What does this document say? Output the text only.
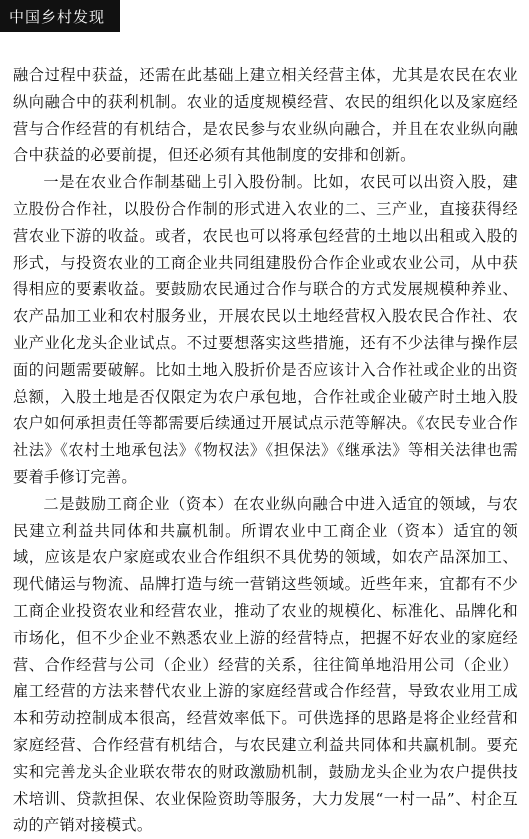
中国乡村发现

融合过程中获益，还需在此基础上建立相关经营主体，尤其是农民在农业纵向融合中的获利机制。农业的适度规模经营、农民的组织化以及家庭经营与合作经营的有机结合，是农民参与农业纵向融合，并且在农业纵向融合中获益的必要前提，但还必须有其他制度的安排和创新。

一是在农业合作制基础上引入股份制。比如，农民可以出资入股，建立股份合作社，以股份合作制的形式进入农业的二、三产业，直接获得经营农业下游的收益。或者，农民也可以将承包经营的土地以出租或入股的形式，与投资农业的工商企业共同组建股份合作企业或农业公司，从中获得相应的要素收益。要鼓励农民通过合作与联合的方式发展规模种养业、农产品加工业和农村服务业，开展农民以土地经营权入股农民合作社、农业产业化龙头企业试点。不过要想落实这些措施，还有不少法律与操作层面的问题需要破解。比如土地入股折价是否应该计入合作社或企业的出资总额，入股土地是否仅限定为农户承包地，合作社或企业破产时土地入股农户如何承担责任等都需要后续通过开展试点示范等解决。《农民专业合作社法》《农村土地承包法》《物权法》《担保法》《继承法》等相关法律也需要着手修订完善。

二是鼓励工商企业（资本）在农业纵向融合中进入适宜的领域，与农民建立利益共同体和共赢机制。所谓农业中工商企业（资本）适宜的领域，应该是农户家庭或农业合作组织不具优势的领域，如农产品深加工、现代储运与物流、品牌打造与统一营销这些领域。近些年来，宜都有不少工商企业投资农业和经营农业，推动了农业的规模化、标准化、品牌化和市场化，但不少企业不熟悉农业上游的经营特点，把握不好农业的家庭经营、合作经营与公司（企业）经营的关系，往往简单地沿用公司（企业）雇工经营的方法来替代农业上游的家庭经营或合作经营，导致农业用工成本和劳动控制成本很高，经营效率低下。可供选择的思路是将企业经营和家庭经营、合作经营有机结合，与农民建立利益共同体和共赢机制。要充实和完善龙头企业联农带农的财政激励机制，鼓励龙头企业为农户提供技术培训、贷款担保、农业保险资助等服务，大力发展“一村一品”、村企互动的产销对接模式。
